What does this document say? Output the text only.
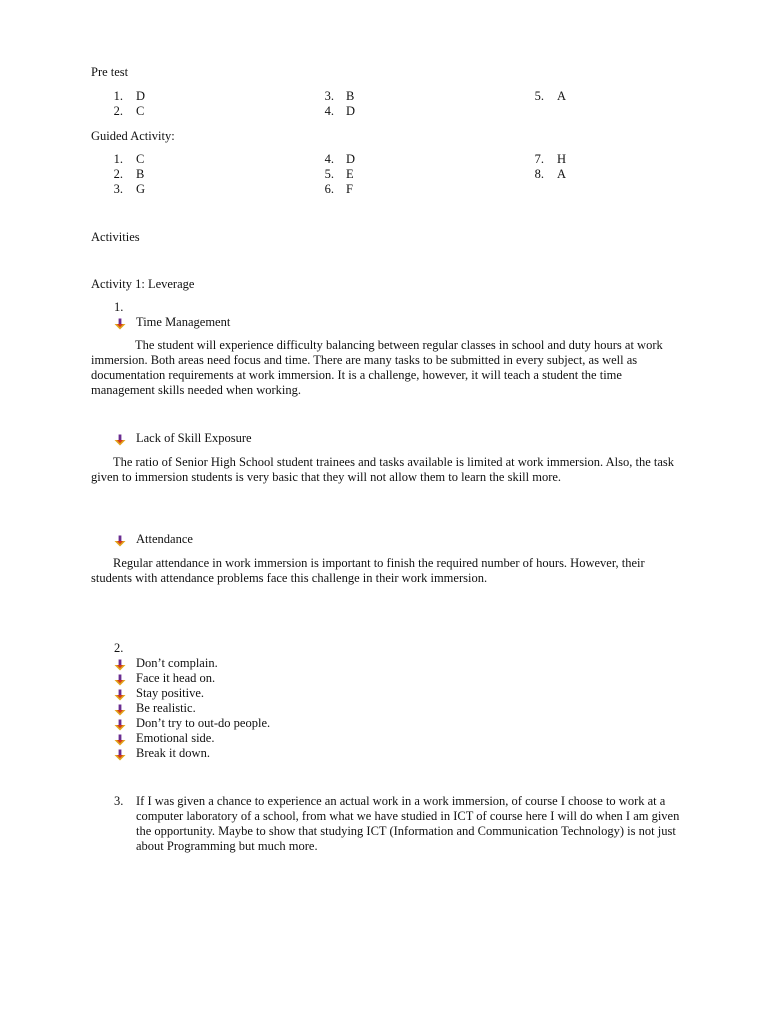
Pre test
1. D
2. C
3. B
4. D
5. A
Guided Activity:
1. C
2. B
3. G
4. D
5. E
6. F
7. H
8. A
Activities
Activity 1: Leverage
1.
Time Management
The student will experience difficulty balancing between regular classes in school and duty hours at work immersion. Both areas need focus and time. There are many tasks to be submitted in every subject, as well as documentation requirements at work immersion. It is a challenge, however, it will teach a student the time management skills needed when working.
Lack of Skill Exposure
The ratio of Senior High School student trainees and tasks available is limited at work immersion. Also, the task given to immersion students is very basic that they will not allow them to learn the skill more.
Attendance
Regular attendance in work immersion is important to finish the required number of hours. However, their students with attendance problems face this challenge in their work immersion.
2.
Don’t complain.
Face it head on.
Stay positive.
Be realistic.
Don’t try to out-do people.
Emotional side.
Break it down.
3. If I was given a chance to experience an actual work in a work immersion, of course I choose to work at a computer laboratory of a school, from what we have studied in ICT of course here I will do when I am given the opportunity. Maybe to show that studying ICT (Information and Communication Technology) is not just about Programming but much more.
